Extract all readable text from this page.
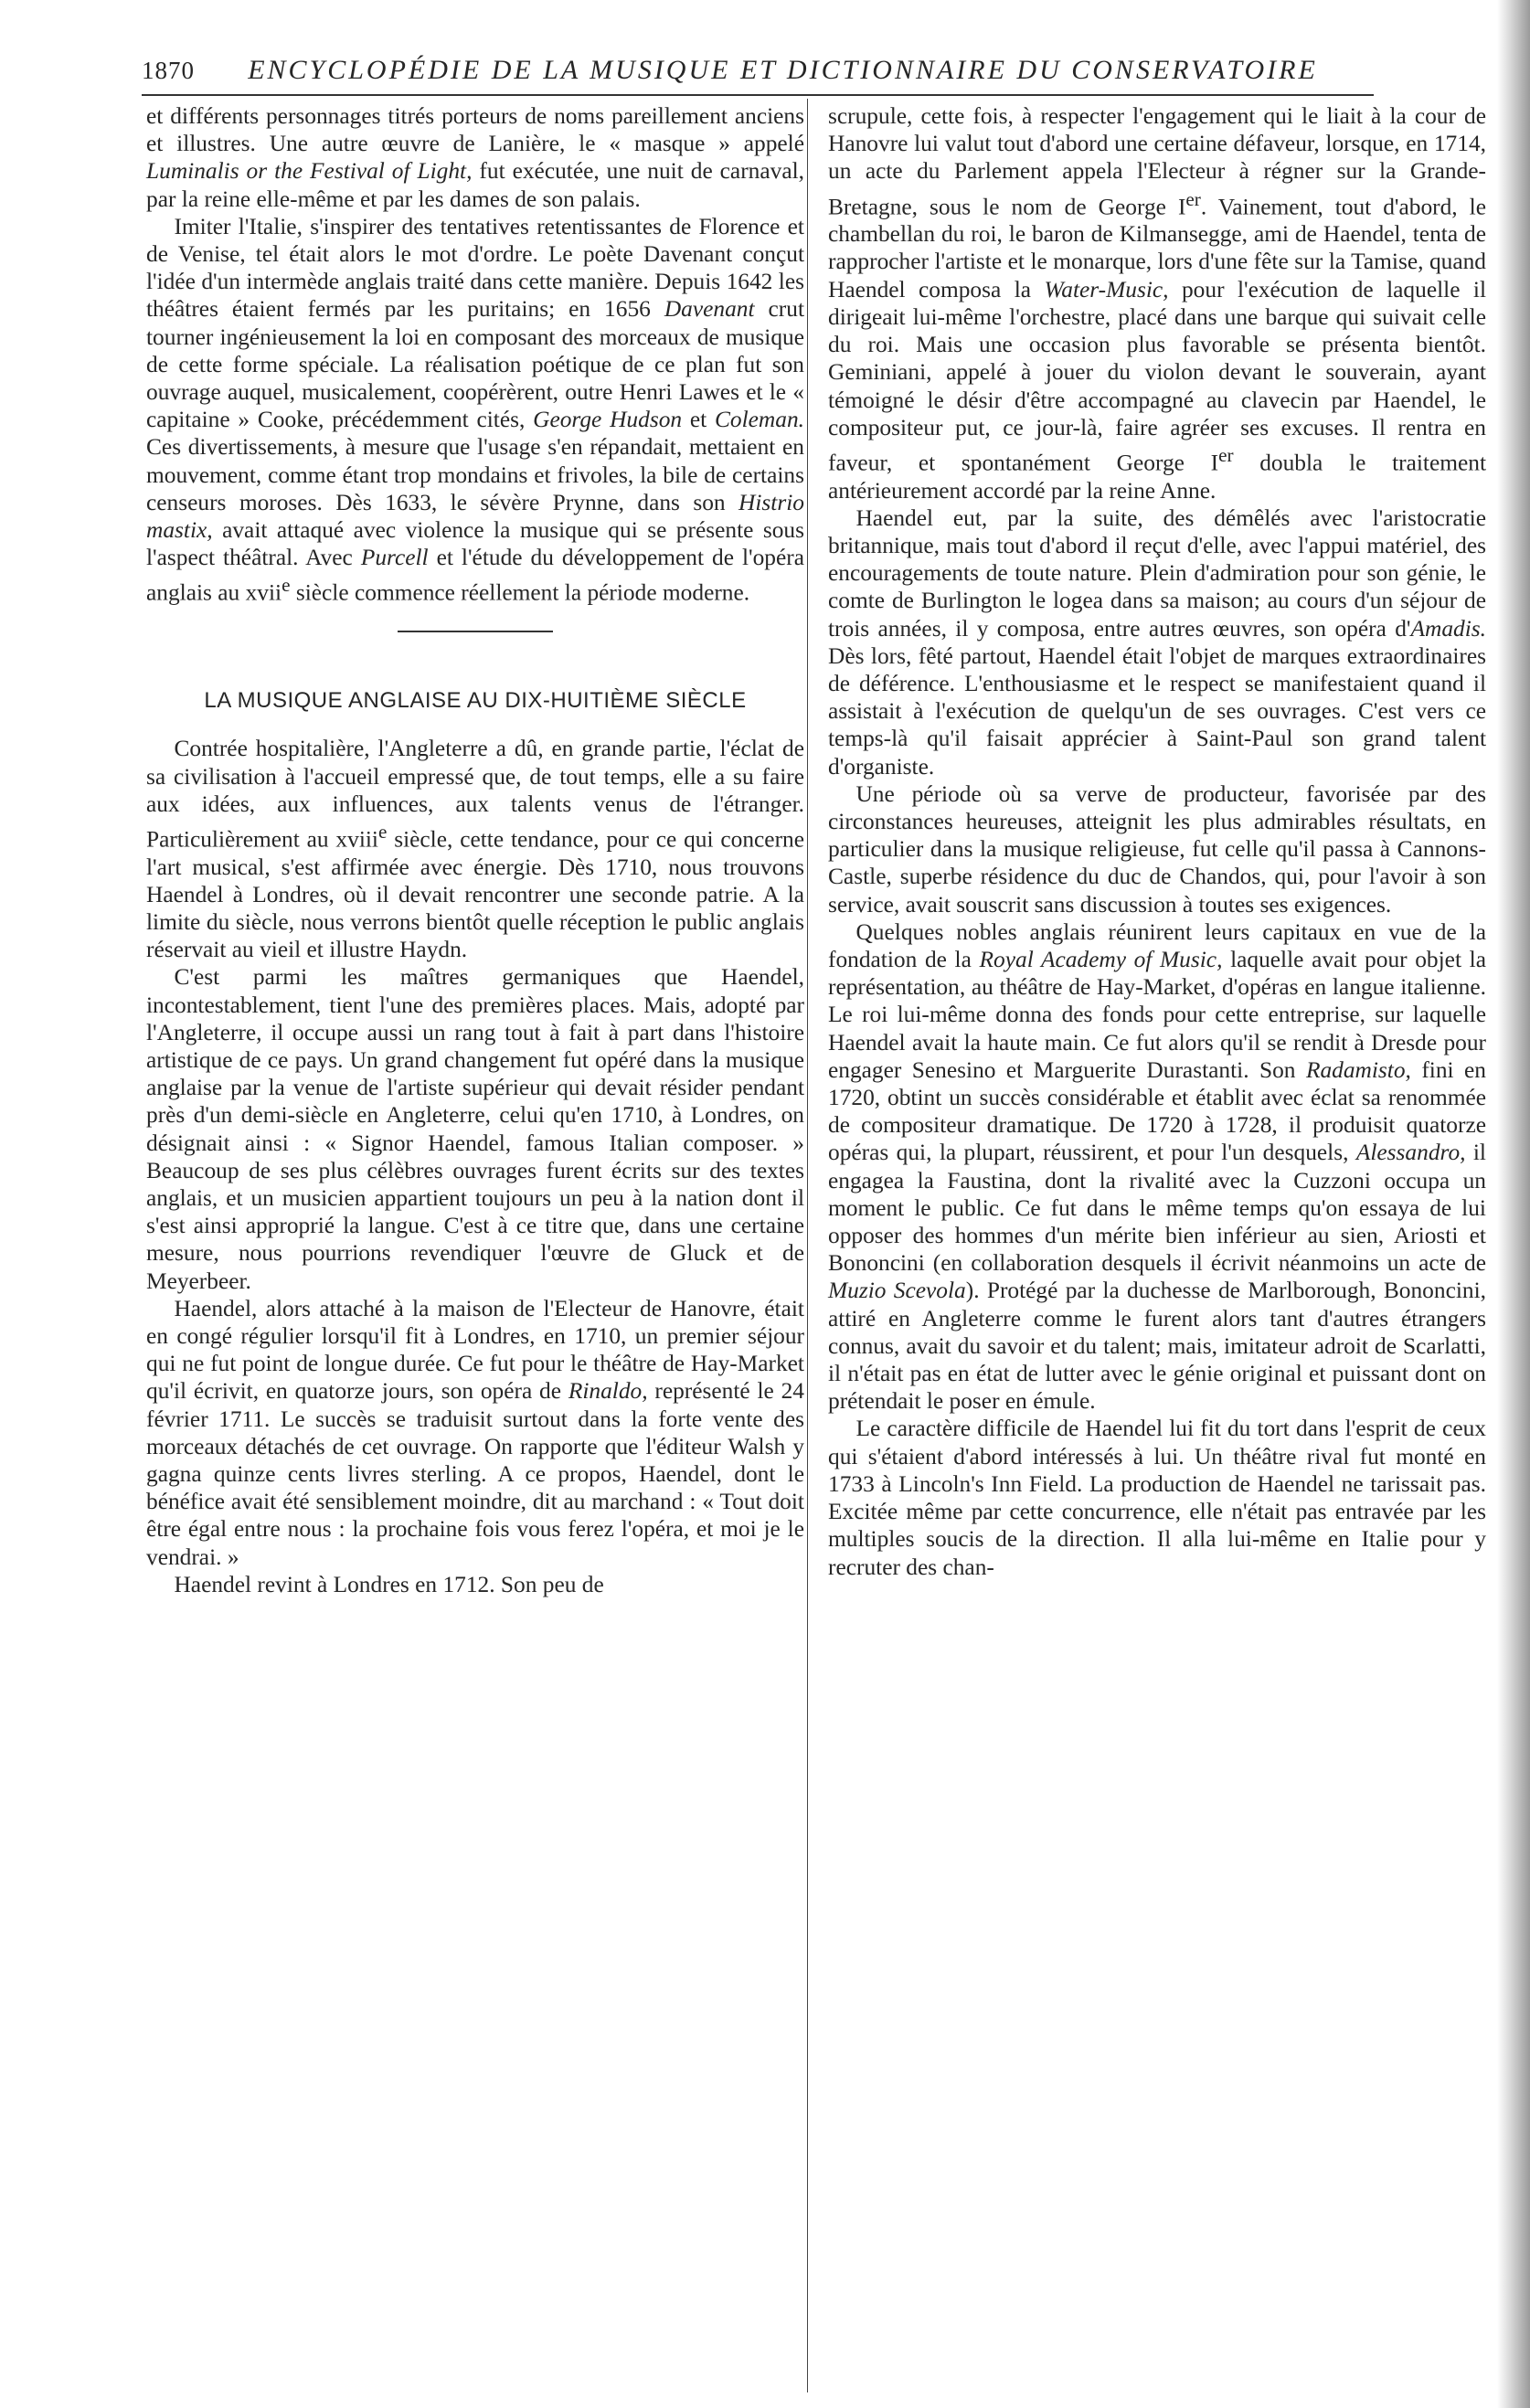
1870	ENCYCLOPÉDIE DE LA MUSIQUE ET DICTIONNAIRE DU CONSERVATOIRE

et différents personnages titrés porteurs de noms pareillement anciens et illustres. Une autre œuvre de Lanière, le « masque » appelé Luminalis or the Festival of Light, fut exécutée, une nuit de carnaval, par la reine elle-même et par les dames de son palais.

Imiter l'Italie, s'inspirer des tentatives retentissantes de Florence et de Venise, tel était alors le mot d'ordre. Le poète Davenant conçut l'idée d'un intermède anglais traité dans cette manière. Depuis 1642 les théâtres étaient fermés par les puritains; en 1656 Davenant crut tourner ingénieusement la loi en composant des morceaux de musique de cette forme spéciale. La réalisation poétique de ce plan fut son ouvrage auquel, musicalement, coopérèrent, outre Henri Lawes et le « capitaine » Cooke, précédemment cités, George Hudson et Coleman. Ces divertissements, à mesure que l'usage s'en répandait, mettaient en mouvement, comme étant trop mondains et frivoles, la bile de certains censeurs moroses. Dès 1633, le sévère Prynne, dans son Histrio mastix, avait attaqué avec violence la musique qui se présente sous l'aspect théâtral. Avec Purcell et l'étude du développement de l'opéra anglais au xvii$^e$ siècle commence réellement la période moderne.

LA MUSIQUE ANGLAISE AU DIX-HUITIÈME SIÈCLE

Contrée hospitalière, l'Angleterre a dû, en grande partie, l'éclat de sa civilisation à l'accueil empressé que, de tout temps, elle a su faire aux idées, aux influences, aux talents venus de l'étranger. Particulièrement au xviii$^e$ siècle, cette tendance, pour ce qui concerne l'art musical, s'est affirmée avec énergie. Dès 1710, nous trouvons Haendel à Londres, où il devait rencontrer une seconde patrie. A la limite du siècle, nous verrons bientôt quelle réception le public anglais réservait au vieil et illustre Haydn.

C'est parmi les maîtres germaniques que Haendel, incontestablement, tient l'une des premières places. Mais, adopté par l'Angleterre, il occupe aussi un rang tout à fait à part dans l'histoire artistique de ce pays. Un grand changement fut opéré dans la musique anglaise par la venue de l'artiste supérieur qui devait résider pendant près d'un demi-siècle en Angleterre, celui qu'en 1710, à Londres, on désignait ainsi : « Signor Haendel, famous Italian composer. » Beaucoup de ses plus célèbres ouvrages furent écrits sur des textes anglais, et un musicien appartient toujours un peu à la nation dont il s'est ainsi approprié la langue. C'est à ce titre que, dans une certaine mesure, nous pourrions revendiquer l'œuvre de Gluck et de Meyerbeer.

Haendel, alors attaché à la maison de l'Electeur de Hanovre, était en congé régulier lorsqu'il fit à Londres, en 1710, un premier séjour qui ne fut point de longue durée. Ce fut pour le théâtre de Hay-Market qu'il écrivit, en quatorze jours, son opéra de Rinaldo, représenté le 24 février 1711. Le succès se traduisit surtout dans la forte vente des morceaux détachés de cet ouvrage. On rapporte que l'éditeur Walsh y gagna quinze cents livres sterling. A ce propos, Haendel, dont le bénéfice avait été sensiblement moindre, dit au marchand : « Tout doit être égal entre nous : la prochaine fois vous ferez l'opéra, et moi je le vendrai. »

Haendel revint à Londres en 1712. Son peu de

scrupule, cette fois, à respecter l'engagement qui le liait à la cour de Hanovre lui valut tout d'abord une certaine défaveur, lorsque, en 1714, un acte du Parlement appela l'Electeur à régner sur la Grande-Bretagne, sous le nom de George Ier. Vainement, tout d'abord, le chambellan du roi, le baron de Kilmansegge, ami de Haendel, tenta de rapprocher l'artiste et le monarque, lors d'une fête sur la Tamise, quand Haendel composa la Water-Music, pour l'exécution de laquelle il dirigeait lui-même l'orchestre, placé dans une barque qui suivait celle du roi. Mais une occasion plus favorable se présenta bientôt. Geminiani, appelé à jouer du violon devant le souverain, ayant témoigné le désir d'être accompagné au clavecin par Haendel, le compositeur put, ce jour-là, faire agréer ses excuses. Il rentra en faveur, et spontanément George Ier doubla le traitement antérieurement accordé par la reine Anne.

Haendel eut, par la suite, des démêlés avec l'aristocratie britannique, mais tout d'abord il reçut d'elle, avec l'appui matériel, des encouragements de toute nature. Plein d'admiration pour son génie, le comte de Burlington le logea dans sa maison; au cours d'un séjour de trois années, il y composa, entre autres œuvres, son opéra d'Amadis. Dès lors, fêté partout, Haendel était l'objet de marques extraordinaires de déférence. L'enthousiasme et le respect se manifestaient quand il assistait à l'exécution de quelqu'un de ses ouvrages. C'est vers ce temps-là qu'il faisait apprécier à Saint-Paul son grand talent d'organiste.

Une période où sa verve de producteur, favorisée par des circonstances heureuses, atteignit les plus admirables résultats, en particulier dans la musique religieuse, fut celle qu'il passa à Cannons-Castle, superbe résidence du duc de Chandos, qui, pour l'avoir à son service, avait souscrit sans discussion à toutes ses exigences.

Quelques nobles anglais réunirent leurs capitaux en vue de la fondation de la Royal Academy of Music, laquelle avait pour objet la représentation, au théâtre de Hay-Market, d'opéras en langue italienne. Le roi lui-même donna des fonds pour cette entreprise, sur laquelle Haendel avait la haute main. Ce fut alors qu'il se rendit à Dresde pour engager Senesino et Marguerite Durastanti. Son Radamisto, fini en 1720, obtint un succès considérable et établit avec éclat sa renommée de compositeur dramatique. De 1720 à 1728, il produisit quatorze opéras qui, la plupart, réussirent, et pour l'un desquels, Alessandro, il engagea la Faustina, dont la rivalité avec la Cuzzoni occupa un moment le public. Ce fut dans le même temps qu'on essaya de lui opposer des hommes d'un mérite bien inférieur au sien, Ariosti et Bononcini (en collaboration desquels il écrivit néanmoins un acte de Muzio Scevola). Protégé par la duchesse de Marlborough, Bononcini, attiré en Angleterre comme le furent alors tant d'autres étrangers connus, avait du savoir et du talent; mais, imitateur adroit de Scarlatti, il n'était pas en état de lutter avec le génie original et puissant dont on prétendait le poser en émule.

Le caractère difficile de Haendel lui fit du tort dans l'esprit de ceux qui s'étaient d'abord intéressés à lui. Un théâtre rival fut monté en 1733 à Lincoln's Inn Field. La production de Haendel ne tarissait pas. Excitée même par cette concurrence, elle n'était pas entravée par les multiples soucis de la direction. Il alla lui-même en Italie pour y recruter des chan-
